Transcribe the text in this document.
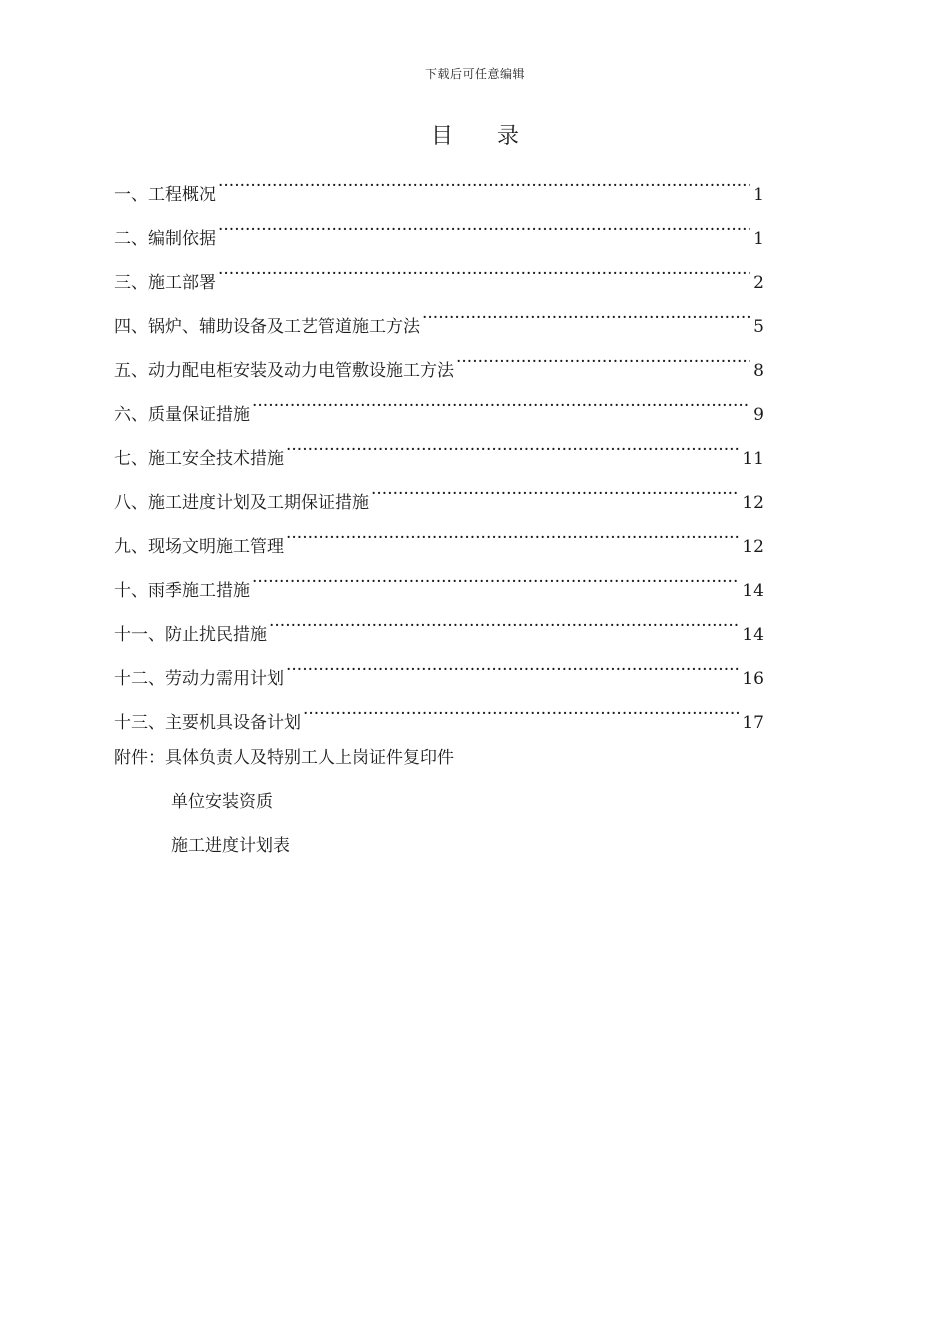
下载后可任意编辑
目录
一、工程概况 ·····	1
二、编制依据 ·····	1
三、施工部署 ·····	2
四、锅炉、辅助设备及工艺管道施工方法 ·····	5
五、动力配电柜安装及动力电管敷设施工方法 ·····	8
六、质量保证措施 ·····	9
七、施工安全技术措施 ·····	11
八、施工进度计划及工期保证措施 ·····	12
九、现场文明施工管理 ·····	12
十、雨季施工措施 ·····	14
十一、防止扰民措施 ·····	14
十二、劳动力需用计划 ·····	16
十三、主要机具设备计划 ·····	17
附件：具体负责人及特别工人上岗证件复印件
单位安装资质
施工进度计划表
